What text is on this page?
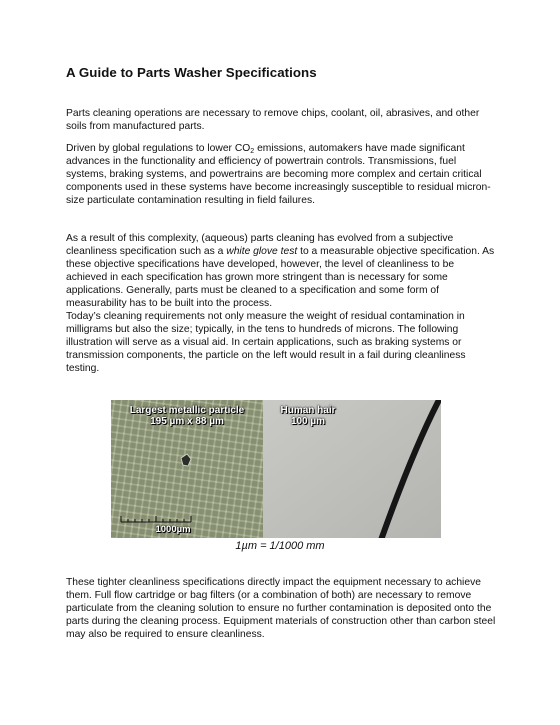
A Guide to Parts Washer Specifications

Parts cleaning operations are necessary to remove chips, coolant, oil, abrasives, and other soils from manufactured parts.

Driven by global regulations to lower $CO_2$ emissions, automakers have made significant advances in the functionality and efficiency of powertrain controls. Transmissions, fuel systems, braking systems, and powertrains are becoming more complex and certain critical components used in these systems have become increasingly susceptible to residual micron-size particulate contamination resulting in field failures.

As a result of this complexity, (aqueous) parts cleaning has evolved from a subjective cleanliness specification such as a white glove test to a measurable objective specification. As these objective specifications have developed, however, the level of cleanliness to be achieved in each specification has grown more stringent than is necessary for some applications. Generally, parts must be cleaned to a specification and some form of measurability has to be built into the process.

Today’s cleaning requirements not only measure the weight of residual contamination in milligrams but also the size; typically, in the tens to hundreds of microns. The following illustration will serve as a visual aid. In certain applications, such as braking systems or transmission components, the particle on the left would result in a fail during cleanliness testing.

Largest metallic particle
195 µm x 88 µm
Human hair
100 µm
1000µm
1µm = 1/1000 mm

These tighter cleanliness specifications directly impact the equipment necessary to achieve them. Full flow cartridge or bag filters (or a combination of both) are necessary to remove particulate from the cleaning solution to ensure no further contamination is deposited onto the parts during the cleaning process. Equipment materials of construction other than carbon steel may also be required to ensure cleanliness.
